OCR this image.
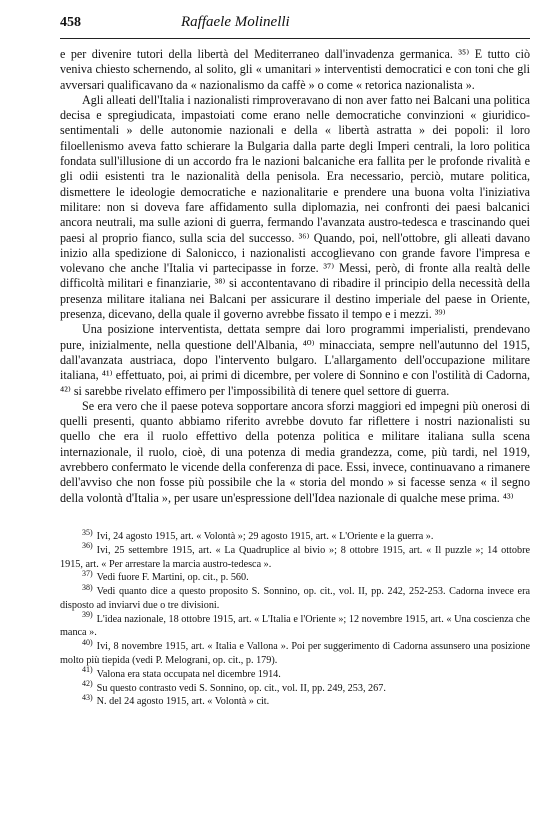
458	Raffaele Molinelli

e per divenire tutori della libertà del Mediterraneo dall'invadenza germanica. ³⁵⁾ E tutto ciò veniva chiesto schernendo, al solito, gli « umanitari » interventisti democratici e con toni che gli avversari qualificavano da « nazionalismo da caffè » o come « retorica nazionalista ».

Agli alleati dell'Italia i nazionalisti rimproveravano di non aver fatto nei Balcani una politica decisa e spregiudicata, impastoiati come erano nelle democratiche convinzioni « giuridico-sentimentali » delle autonomie nazionali e della « libertà astratta » dei popoli: il loro filoellenismo aveva fatto schierare la Bulgaria dalla parte degli Imperi centrali, la loro politica fondata sull'illusione di un accordo fra le nazioni balcaniche era fallita per le profonde rivalità e gli odii esistenti tra le nazionalità della penisola. Era necessario, perciò, mutare politica, dismettere le ideologie democratiche e nazionalitarie e prendere una buona volta l'iniziativa militare: non si doveva fare affidamento sulla diplomazia, nei confronti dei paesi balcanici ancora neutrali, ma sulle azioni di guerra, fermando l'avanzata austro-tedesca e trascinando quei paesi al proprio fianco, sulla scia del successo. ³⁶⁾ Quando, poi, nell'ottobre, gli alleati davano inizio alla spedizione di Salonicco, i nazionalisti accoglievano con grande favore l'impresa e volevano che anche l'Italia vi partecipasse in forze. ³⁷⁾ Messi, però, di fronte alla realtà delle difficoltà militari e finanziarie, ³⁸⁾ si accontentavano di ribadire il principio della necessità della presenza militare italiana nei Balcani per assicurare il destino imperiale del paese in Oriente, presenza, dicevano, della quale il governo avrebbe fissato il tempo e i mezzi. ³⁹⁾

Una posizione interventista, dettata sempre dai loro programmi imperialisti, prendevano pure, inizialmente, nella questione dell'Albania, ⁴⁰⁾ minacciata, sempre nell'autunno del 1915, dall'avanzata austriaca, dopo l'intervento bulgaro. L'allargamento dell'occupazione militare italiana, ⁴¹⁾ effettuato, poi, ai primi di dicembre, per volere di Sonnino e con l'ostilità di Cadorna, ⁴²⁾ si sarebbe rivelato effimero per l'impossibilità di tenere quel settore di guerra.

Se era vero che il paese poteva sopportare ancora sforzi maggiori ed impegni più onerosi di quelli presenti, quanto abbiamo riferito avrebbe dovuto far riflettere i nostri nazionalisti su quello che era il ruolo effettivo della potenza politica e militare italiana sulla scena internazionale, il ruolo, cioè, di una potenza di media grandezza, come, più tardi, nel 1919, avrebbero confermato le vicende della conferenza di pace. Essi, invece, continuavano a rimanere dell'avviso che non fosse più possibile che la « storia del mondo » si facesse senza « il segno della volontà d'Italia », per usare un'espressione dell'Idea nazionale di qualche mese prima. ⁴³⁾

$^{35)}$ Ivi, 24 agosto 1915, art. « Volontà »; 29 agosto 1915, art. « L'Oriente e la guerra ».

$^{36)}$ Ivi, 25 settembre 1915, art. « La Quadruplice al bivio »; 8 ottobre 1915, art. « Il puzzle »; 14 ottobre 1915, art. « Per arrestare la marcia austro-tedesca ».

$^{37)}$ Vedi fuore F. Martini, op. cit., p. 560.

$^{38)}$ Vedi quanto dice a questo proposito S. Sonnino, op. cit., vol. II, pp. 242, 252-253. Cadorna invece era disposto ad inviarvi due o tre divisioni.

$^{39)}$ L'idea nazionale, 18 ottobre 1915, art. « L'Italia e l'Oriente »; 12 novembre 1915, art. « Una coscienza che manca ».

$^{40)}$ Ivi, 8 novembre 1915, art. « Italia e Vallona ». Poi per suggerimento di Cadorna assunsero una posizione molto più tiepida (vedi P. Melograni, op. cit., p. 179).

$^{41)}$ Valona era stata occupata nel dicembre 1914.

$^{42)}$ Su questo contrasto vedi S. Sonnino, op. cit., vol. II, pp. 249, 253, 267.

$^{43)}$ N. del 24 agosto 1915, art. « Volontà » cit.
